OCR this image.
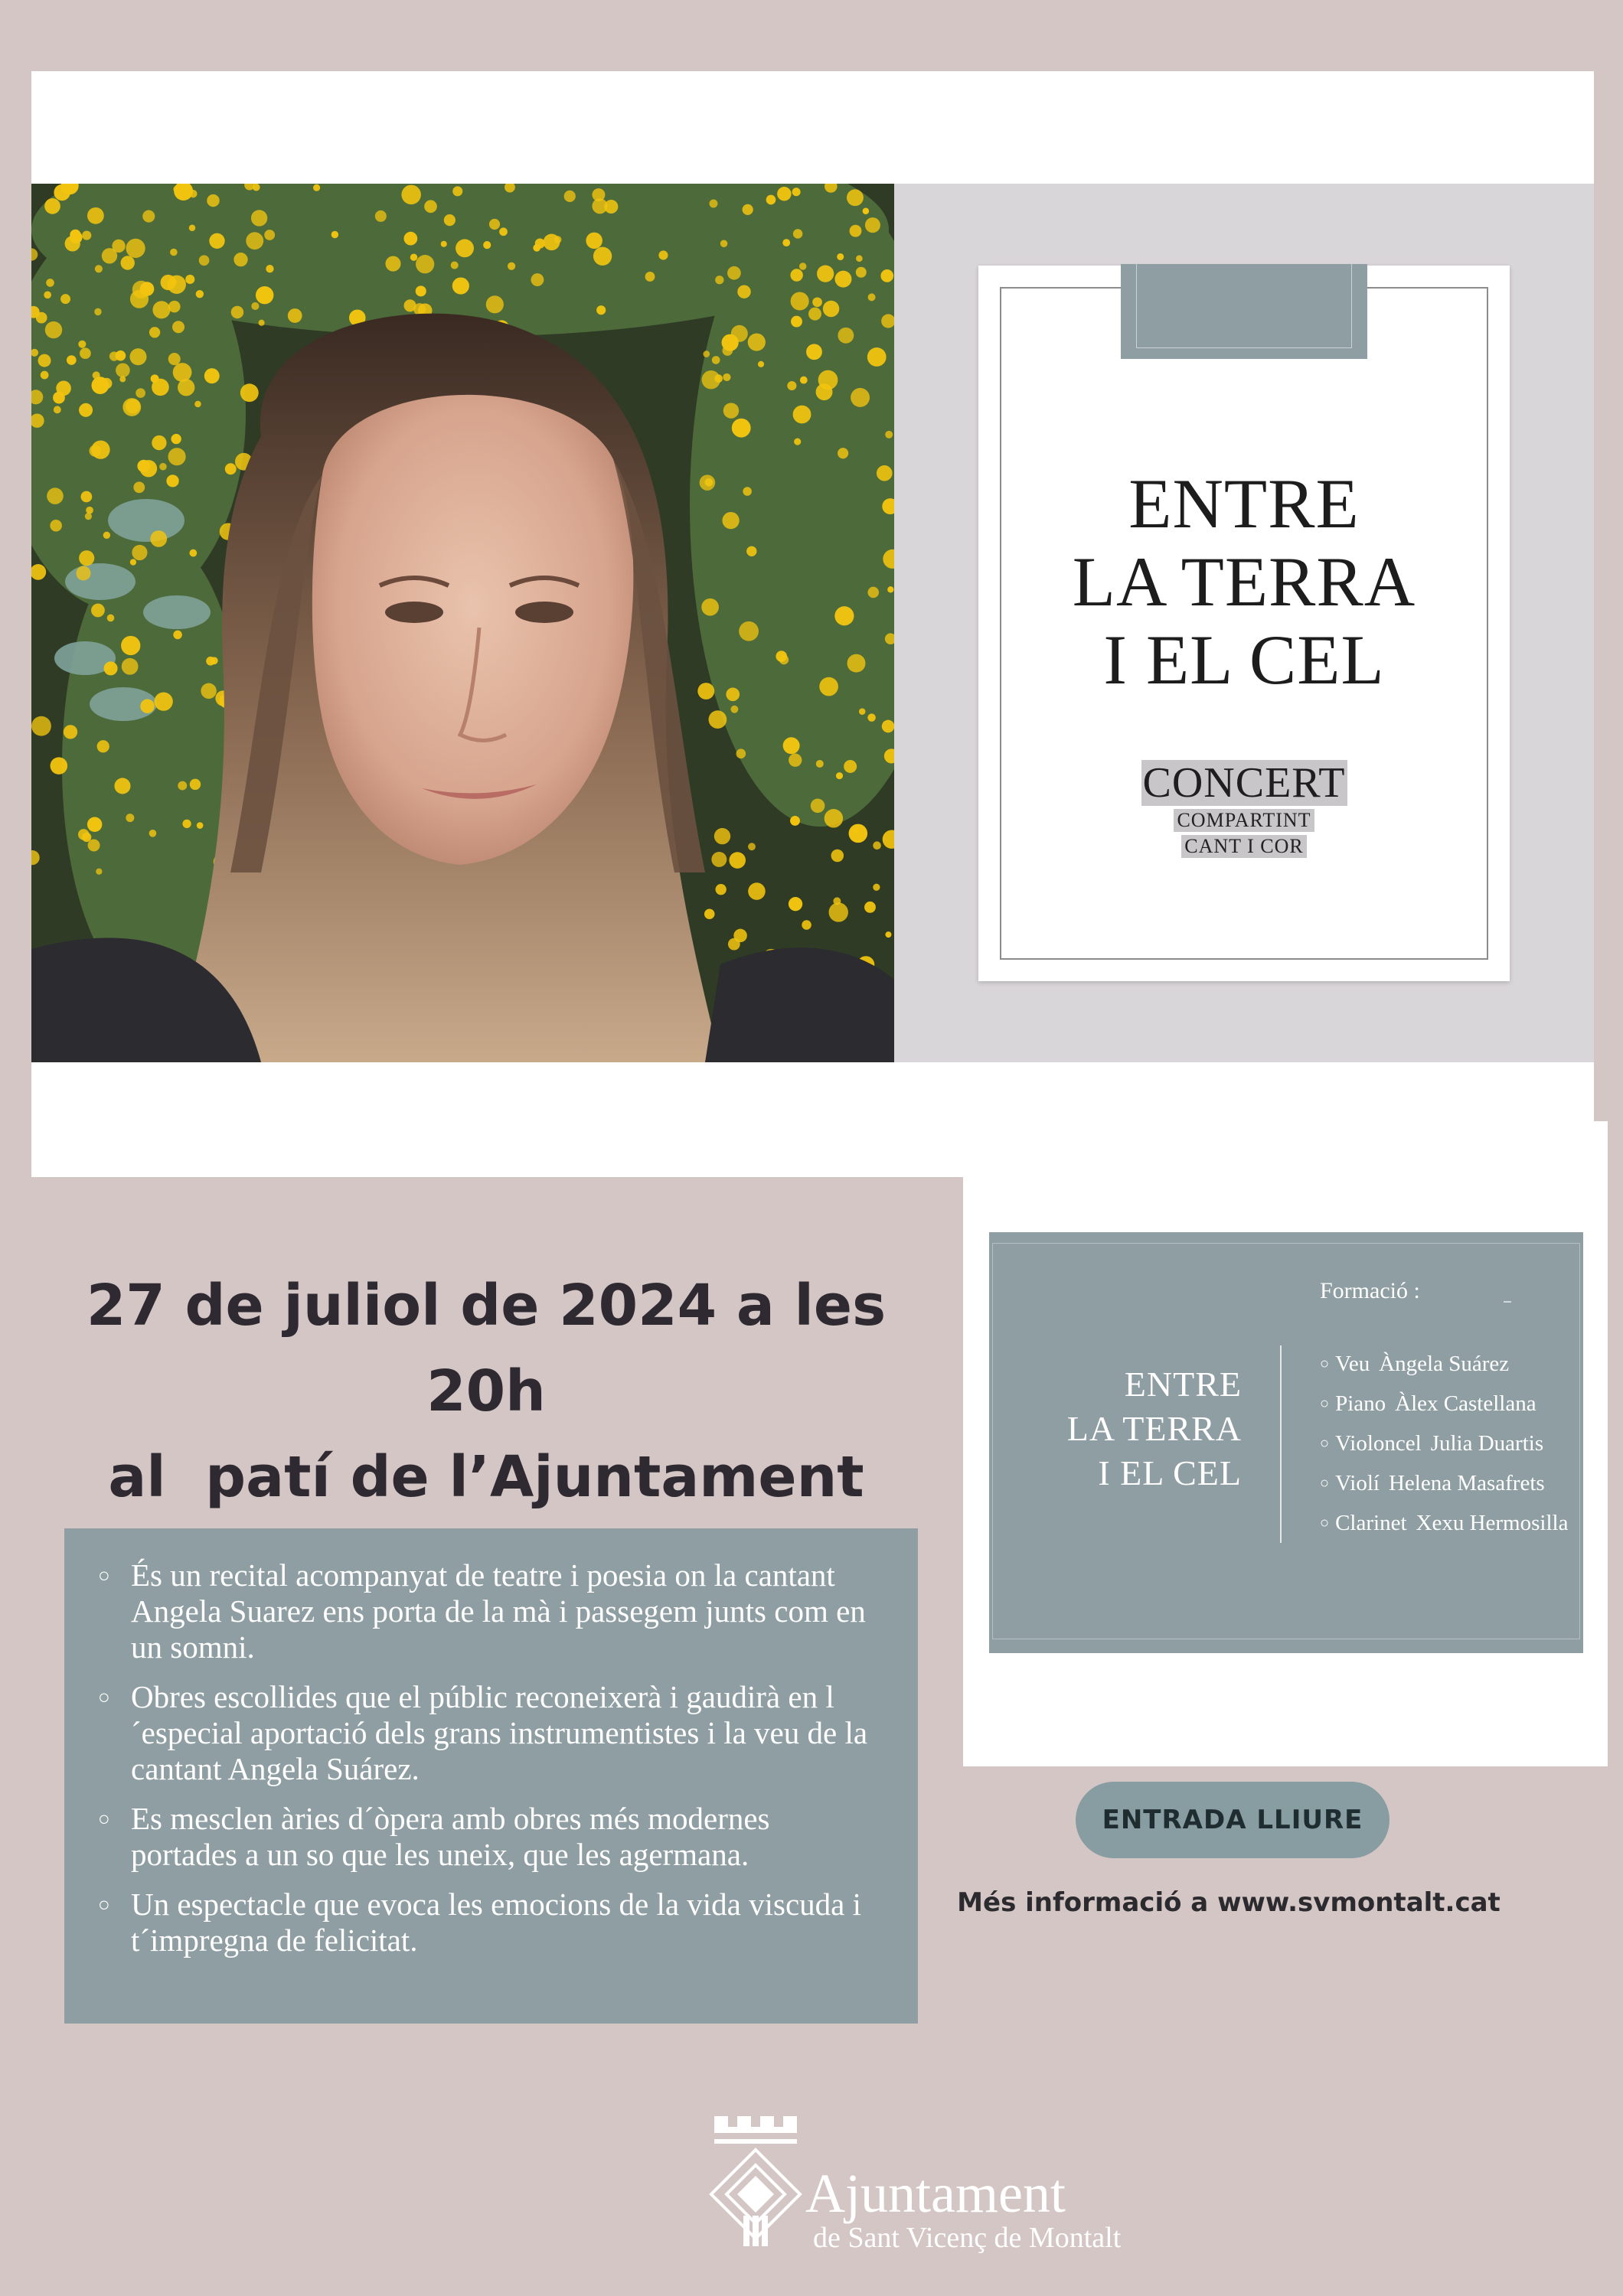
ENTRE
LA TERRA
I EL CEL
CONCERT
COMPARTINT
CANT I COR
27 de juliol de 2024 a les 20h
al  patí de l’Ajuntament
ENTRE
LA TERRA
I EL CEL
Formació :
○ Veu Àngela Suárez
○ Piano Àlex Castellana
○ Violoncel Julia Duartis
○ Violí Helena Masafrets
○ Clarinet Xexu Hermosilla
○ És un recital acompanyat de teatre i poesia on la cantant Angela Suarez ens porta de la mà i passegem junts com en un somni.
○ Obres escollides que el públic reconeixerà i gaudirà en l´especial aportació dels grans instrumentistes i la veu de la cantant Angela Suárez.
○ Es mesclen àries d´òpera amb obres més modernes portades a un so que les uneix, que les agermana.
○ Un espectacle que evoca les emocions de la vida viscuda i t´impregna de felicitat.
ENTRADA LLIURE
Més informació a www.svmontalt.cat
Ajuntament
de Sant Vicenç de Montalt
